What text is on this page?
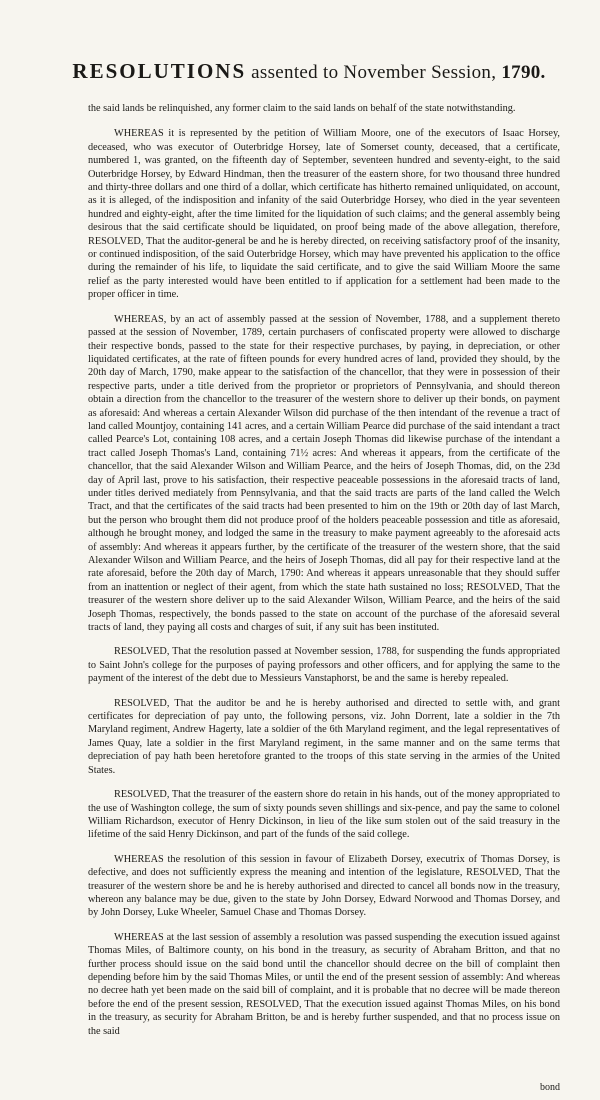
RESOLUTIONS assented to November Session, 1790.

the said lands be relinquished, any former claim to the said lands on behalf of the state notwithstanding.

WHEREAS it is represented by the petition of William Moore, one of the executors of Isaac Horsey, deceased, who was executor of Outerbridge Horsey, late of Somerset county, deceased, that a certificate, numbered 1, was granted, on the fifteenth day of September, seventeen hundred and seventy-eight, to the said Outerbridge Horsey, by Edward Hindman, then the treasurer of the eastern shore, for two thousand three hundred and thirty-three dollars and one third of a dollar, which certificate has hitherto remained unliquidated, on account, as it is alleged, of the indisposition and infanity of the said Outerbridge Horsey, who died in the year seventeen hundred and eighty-eight, after the time limited for the liquidation of such claims; and the general assembly being desirous that the said certificate should be liquidated, on proof being made of the above allegation, therefore, RESOLVED, That the auditor-general be and he is hereby directed, on receiving satisfactory proof of the insanity, or continued indisposition, of the said Outerbridge Horsey, which may have prevented his application to the office during the remainder of his life, to liquidate the said certificate, and to give the said William Moore the same relief as the party interested would have been entitled to if application for a settlement had been made to the proper officer in time.

WHEREAS, by an act of assembly passed at the session of November, 1788, and a supplement thereto passed at the session of November, 1789, certain purchasers of confiscated property were allowed to discharge their respective bonds, passed to the state for their respective purchases, by paying, in depreciation, or other liquidated certificates, at the rate of fifteen pounds for every hundred acres of land, provided they should, by the 20th day of March, 1790, make appear to the satisfaction of the chancellor, that they were in possession of their respective parts, under a title derived from the proprietor or proprietors of Pennsylvania, and should thereon obtain a direction from the chancellor to the treasurer of the western shore to deliver up their bonds, on payment as aforesaid: And whereas a certain Alexander Wilson did purchase of the then intendant of the revenue a tract of land called Mountjoy, containing 141 acres, and a certain William Pearce did purchase of the said intendant a tract called Pearce's Lot, containing 108 acres, and a certain Joseph Thomas did likewise purchase of the intendant a tract called Joseph Thomas's Land, containing 71½ acres: And whereas it appears, from the certificate of the chancellor, that the said Alexander Wilson and William Pearce, and the heirs of Joseph Thomas, did, on the 23d day of April last, prove to his satisfaction, their respective peaceable possessions in the aforesaid tracts of land, under titles derived mediately from Pennsylvania, and that the said tracts are parts of the land called the Welch Tract, and that the certificates of the said tracts had been presented to him on the 19th or 20th day of last March, but the person who brought them did not produce proof of the holders peaceable possession and title as aforesaid, although he brought money, and lodged the same in the treasury to make payment agreeably to the aforesaid acts of assembly: And whereas it appears further, by the certificate of the treasurer of the western shore, that the said Alexander Wilson and William Pearce, and the heirs of Joseph Thomas, did all pay for their respective land at the rate aforesaid, before the 20th day of March, 1790: And whereas it appears unreasonable that they should suffer from an inattention or neglect of their agent, from which the state hath sustained no loss; RESOLVED, That the treasurer of the western shore deliver up to the said Alexander Wilson, William Pearce, and the heirs of the said Joseph Thomas, respectively, the bonds passed to the state on account of the purchase of the aforesaid several tracts of land, they paying all costs and charges of suit, if any suit has been instituted.

RESOLVED, That the resolution passed at November session, 1788, for suspending the funds appropriated to Saint John's college for the purposes of paying professors and other officers, and for applying the same to the payment of the interest of the debt due to Messieurs Vanstaphorst, be and the same is hereby repealed.

RESOLVED, That the auditor be and he is hereby authorised and directed to settle with, and grant certificates for depreciation of pay unto, the following persons, viz. John Dorrent, late a soldier in the 7th Maryland regiment, Andrew Hagerty, late a soldier of the 6th Maryland regiment, and the legal representatives of James Quay, late a soldier in the first Maryland regiment, in the same manner and on the same terms that depreciation of pay hath been heretofore granted to the troops of this state serving in the armies of the United States.

RESOLVED, That the treasurer of the eastern shore do retain in his hands, out of the money appropriated to the use of Washington college, the sum of sixty pounds seven shillings and six-pence, and pay the same to colonel William Richardson, executor of Henry Dickinson, in lieu of the like sum stolen out of the said treasury in the lifetime of the said Henry Dickinson, and part of the funds of the said college.

WHEREAS the resolution of this session in favour of Elizabeth Dorsey, executrix of Thomas Dorsey, is defective, and does not sufficiently express the meaning and intention of the legislature, RESOLVED, That the treasurer of the western shore be and he is hereby authorised and directed to cancel all bonds now in the treasury, whereon any balance may be due, given to the state by John Dorsey, Edward Norwood and Thomas Dorsey, and by John Dorsey, Luke Wheeler, Samuel Chase and Thomas Dorsey.

WHEREAS at the last session of assembly a resolution was passed suspending the execution issued against Thomas Miles, of Baltimore county, on his bond in the treasury, as security of Abraham Britton, and that no further process should issue on the said bond until the chancellor should decree on the bill of complaint then depending before him by the said Thomas Miles, or until the end of the present session of assembly: And whereas no decree hath yet been made on the said bill of complaint, and it is probable that no decree will be made thereon before the end of the present session, RESOLVED, That the execution issued against Thomas Miles, on his bond in the treasury, as security for Abraham Britton, be and is hereby further suspended, and that no process issue on the said

bond
